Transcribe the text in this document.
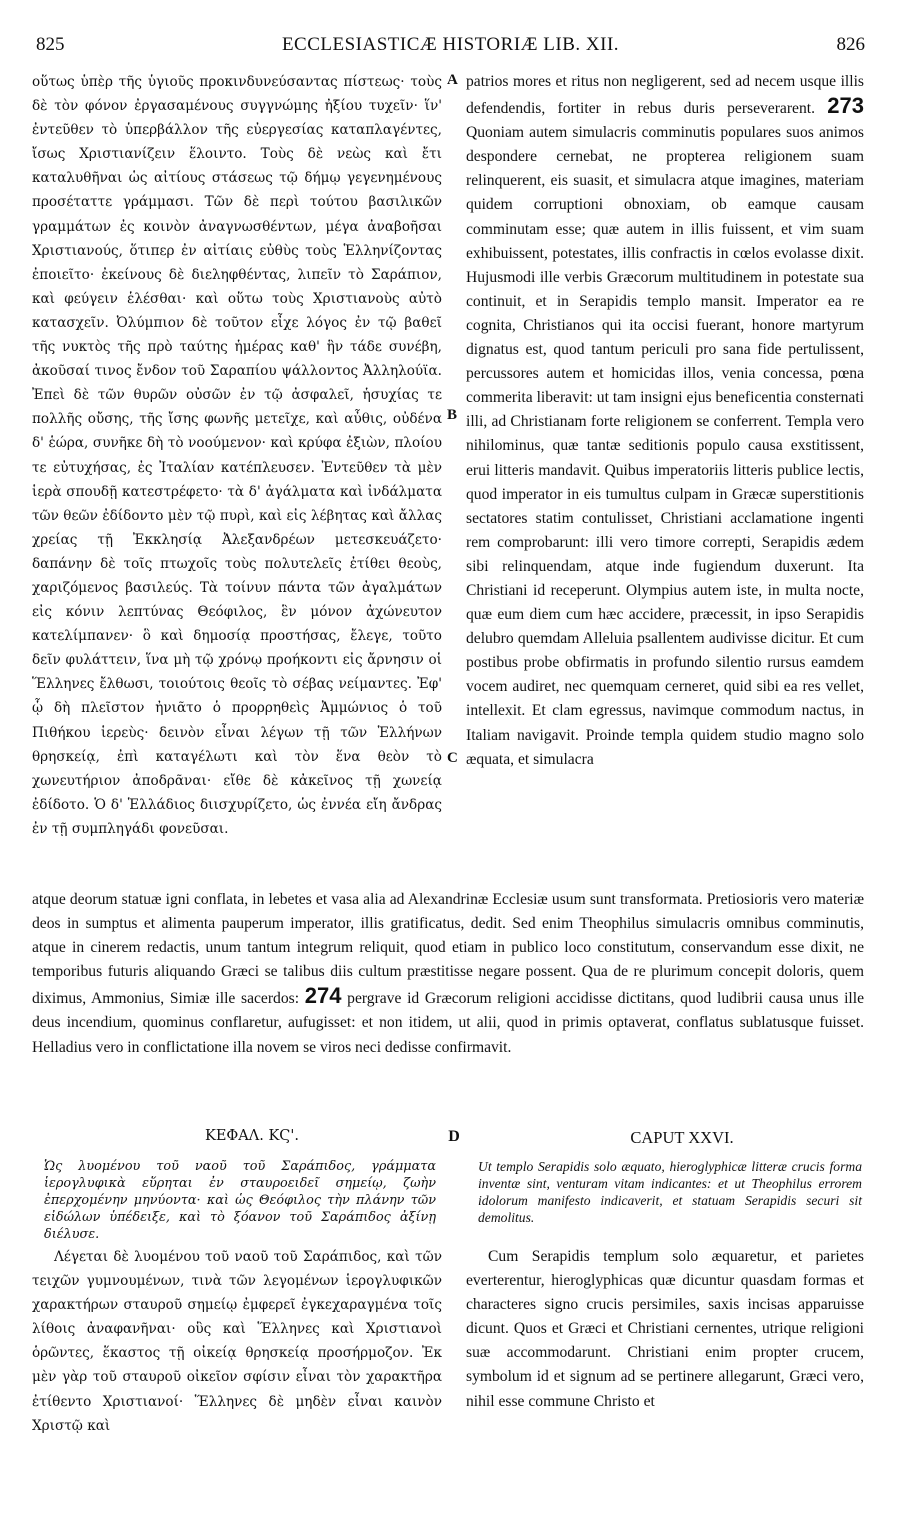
825	ECCLESIASTICÆ HISTORIÆ LIB. XII.	826

οὕτως ὑπὲρ τῆς ὑγιοῦς προκινδυνεύσαντας πίστεως· τοὺς δὲ τὸν φόνον ἐργασαμένους συγγνώμης ἠξίου τυχεῖν· ἵν' ἐντεῦθεν τὸ ὑπερβάλλον τῆς εὐεργεσίας καταπλαγέντες, ἴσως Χριστιανίζειν ἕλοιντο. Τοὺς δὲ νεὼς καὶ ἔτι καταλυθῆναι ὡς αἰτίους στάσεως τῷ δήμῳ γεγενημένους προσέταττε γράμμασι. Τῶν δὲ περὶ τούτου βασιλικῶν γραμμάτων ἐς κοινὸν ἀναγνωσθέντων, μέγα ἀναβοῆσαι Χριστιανούς, ὅτιπερ ἐν αἰτίαις εὐθὺς τοὺς Ἑλληνίζοντας ἐποιεῖτο· ἐκείνους δὲ διεληφθέντας, λιπεῖν τὸ Σαράπιον, καὶ φεύγειν ἑλέσθαι· καὶ οὕτω τοὺς Χριστιανοὺς αὐτὸ κατασχεῖν. Ὀλύμπιον δὲ τοῦτον εἶχε λόγος ἐν τῷ βαθεῖ τῆς νυκτὸς τῆς πρὸ ταύτης ἡμέρας καθ' ἣν τάδε συνέβη, ἀκοῦσαί τινος ἔνδον τοῦ Σαραπίου ψάλλοντος Ἀλληλούϊα. Ἐπεὶ δὲ τῶν θυρῶν οὐσῶν ἐν τῷ ἀσφαλεῖ, ἡσυχίας τε πολλῆς οὔσης, τῆς ἴσης φωνῆς μετεῖχε, καὶ αὖθις, οὐδένα δ' ἑώρα, συνῆκε δὴ τὸ νοούμενον· καὶ κρύφα ἐξιὼν, πλοίου τε εὐτυχήσας, ἐς Ἰταλίαν κατέπλευσεν. Ἐντεῦθεν τὰ μὲν ἱερὰ σπουδῇ κατεστρέφετο· τὰ δ' ἀγάλματα καὶ ἰνδάλματα τῶν θεῶν ἐδίδοντο μὲν τῷ πυρὶ, καὶ εἰς λέβητας καὶ ἄλλας χρείας τῇ Ἐκκλησίᾳ Ἀλεξανδρέων μετεσκευάζετο· δαπάνην δὲ τοῖς πτωχοῖς τοὺς πολυτελεῖς ἐτίθει θεοὺς, χαριζόμενος βασιλεύς. Τὰ τοίνυν πάντα τῶν ἀγαλμάτων εἰς κόνιν λεπτύνας Θεόφιλος, ἓν μόνον ἀχώνευτον κατελίμπανεν· ὃ καὶ δημοσίᾳ προστήσας, ἔλεγε, τοῦτο δεῖν φυλάττειν, ἵνα μὴ τῷ χρόνῳ προήκοντι εἰς ἄρνησιν οἱ Ἕλληνες ἔλθωσι, τοιούτοις θεοῖς τὸ σέβας νείμαντες. Ἐφ' ᾧ δὴ πλεῖστον ἠνιᾶτο ὁ προρρηθεὶς Ἀμμώνιος ὁ τοῦ Πιθήκου ἱερεὺς· δεινὸν εἶναι λέγων τῇ τῶν Ἑλλήνων θρησκείᾳ, ἐπὶ καταγέλωτι καὶ τὸν ἕνα θεὸν τὸ χωνευτήριον ἀποδρᾶναι· εἴθε δὲ κἀκεῖνος τῇ χωνείᾳ ἐδίδοτο. Ὁ δ' Ἑλλάδιος διισχυρίζετο, ὡς ἐννέα εἴη ἄνδρας ἐν τῇ συμπληγάδι φονεῦσαι.

A
B
C

patrios mores et ritus non negligerent, sed ad necem usque illis defendendis, fortiter in rebus duris perseverarent. 273 Quoniam autem simulacris comminutis populares suos animos despondere cernebat, ne propterea religionem suam relinquerent, eis suasit, et simulacra atque imagines, materiam quidem corruptioni obnoxiam, ob eamque causam comminutam esse; quæ autem in illis fuissent, et vim suam exhibuissent, potestates, illis confractis in cœlos evolasse dixit. Hujusmodi ille verbis Græcorum multitudinem in potestate sua continuit, et in Serapidis templo mansit. Imperator ea re cognita, Christianos qui ita occisi fuerant, honore martyrum dignatus est, quod tantum periculi pro sana fide pertulissent, percussores autem et homicidas illos, venia concessa, pœna commerita liberavit: ut tam insigni ejus beneficentia consternati illi, ad Christianam forte religionem se conferrent. Templa vero nihilominus, quæ tantæ seditionis populo causa exstitissent, erui litteris mandavit. Quibus imperatoriis litteris publice lectis, quod imperator in eis tumultus culpam in Græcæ superstitionis sectatores statim contulisset, Christiani acclamatione ingenti rem comprobarunt: illi vero timore correpti, Serapidis ædem sibi relinquendam, atque inde fugiendum duxerunt. Ita Christiani id receperunt. Olympius autem iste, in multa nocte, quæ eum diem cum hæc accidere, præcessit, in ipso Serapidis delubro quemdam Alleluia psallentem audivisse dicitur. Et cum postibus probe obfirmatis in profundo silentio rursus eamdem vocem audiret, nec quemquam cerneret, quid sibi ea res vellet, intellexit. Et clam egressus, navimque commodum nactus, in Italiam navigavit. Proinde templa quidem studio magno solo æquata, et simulacra

atque deorum statuæ igni conflata, in lebetes et vasa alia ad Alexandrinæ Ecclesiæ usum sunt transformata. Pretiosioris vero materiæ deos in sumptus et alimenta pauperum imperator, illis gratificatus, dedit. Sed enim Theophilus simulacris omnibus comminutis, atque in cinerem redactis, unum tantum integrum reliquit, quod etiam in publico loco constitutum, conservandum esse dixit, ne temporibus futuris aliquando Græci se talibus diis cultum præstitisse negare possent. Qua de re plurimum concepit doloris, quem diximus, Ammonius, Simiæ ille sacerdos: 274 pergrave id Græcorum religioni accidisse dictitans, quod ludibrii causa unus ille deus incendium, quominus conflaretur, aufugisset: et non itidem, ut alii, quod in primis optaverat, conflatus sublatusque fuisset. Helladius vero in conflictatione illa novem se viros neci dedisse confirmavit.

ΚΕΦΑΛ. ΚϚ'.	D	CAPUT XXVI.

Ὡς λυομένου τοῦ ναοῦ τοῦ Σαράπιδος, γράμματα ἱερογλυφικὰ εὕρηται ἐν σταυροειδεῖ σημείῳ, ζωὴν ἐπερχομένην μηνύοντα· καὶ ὡς Θεόφιλος τὴν πλάνην τῶν εἰδώλων ὑπέδειξε, καὶ τὸ ξόανον τοῦ Σαράπιδος ἀξίνῃ διέλυσε.

Ut templo Serapidis solo æquato, hieroglyphicæ litteræ crucis forma inventæ sint, venturam vitam indicantes: et ut Theophilus errorem idolorum manifesto indicaverit, et statuam Serapidis securi sit demolitus.

Λέγεται δὲ λυομένου τοῦ ναοῦ τοῦ Σαράπιδος, καὶ τῶν τειχῶν γυμνουμένων, τινὰ τῶν λεγομένων ἱερογλυφικῶν χαρακτήρων σταυροῦ σημείῳ ἐμφερεῖ ἐγκεχαραγμένα τοῖς λίθοις ἀναφανῆναι· οὓς καὶ Ἕλληνες καὶ Χριστιανοὶ ὁρῶντες, ἕκαστος τῇ οἰκείᾳ θρησκείᾳ προσήρμοζον. Ἐκ μὲν γὰρ τοῦ σταυροῦ οἰκεῖον σφίσιν εἶναι τὸν χαρακτῆρα ἐτίθεντο Χριστιανοί· Ἕλληνες δὲ μηδὲν εἶναι καινὸν Χριστῷ καὶ

Cum Serapidis templum solo æquaretur, et parietes everterentur, hieroglyphicas quæ dicuntur quasdam formas et characteres signo crucis persimiles, saxis incisas apparuisse dicunt. Quos et Græci et Christiani cernentes, utrique religioni suæ accommodarunt. Christiani enim propter crucem, symbolum id et signum ad se pertinere allegarunt, Græci vero, nihil esse commune Christo et
